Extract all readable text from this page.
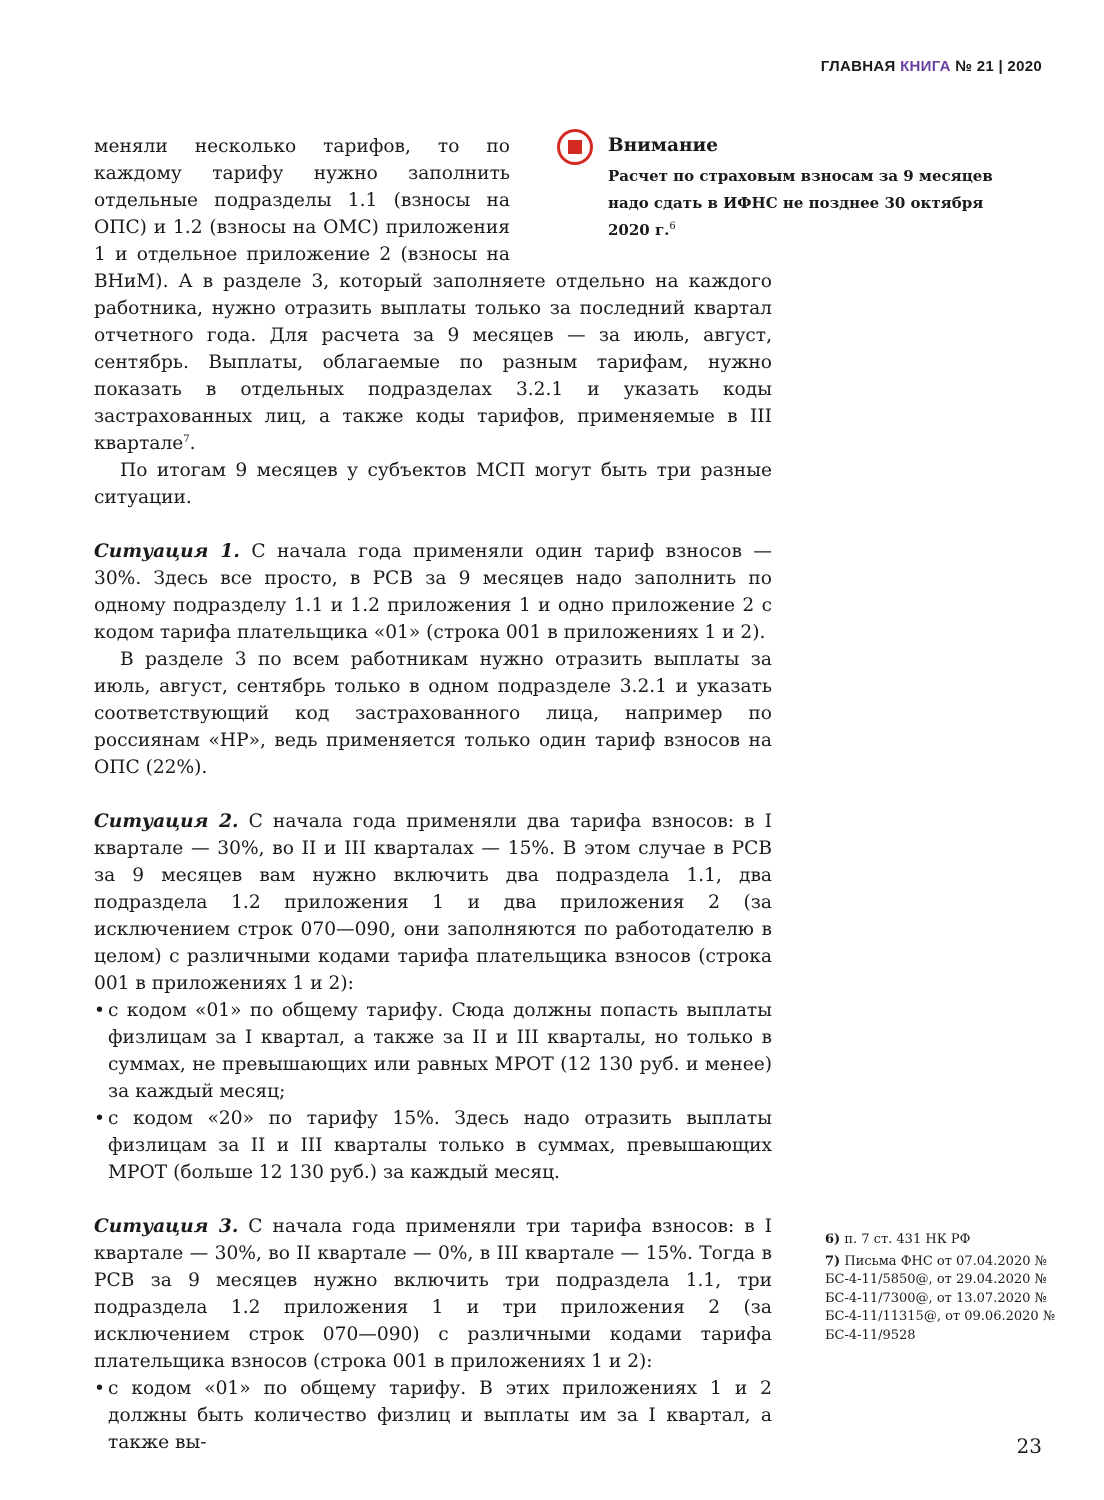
ГЛАВНАЯ КНИГА № 21 | 2020
Внимание
Расчет по страховым взносам за 9 месяцев надо сдать в ИФНС не позднее 30 октября 2020 г.$^6$

меняли несколько тарифов, то по каждому тарифу нужно заполнить отдельные подразделы 1.1 (взносы на ОПС) и 1.2 (взносы на ОМС) приложения 1 и отдельное приложение 2 (взносы на ВНиМ). А в разделе 3, который заполняете отдельно на каждого работника, нужно отразить выплаты только за последний квартал отчетного года. Для расчета за 9 месяцев — за июль, август, сентябрь. Выплаты, облагаемые по разным тарифам, нужно показать в отдельных подразделах 3.2.1 и указать коды застрахованных лиц, а также коды тарифов, применяемые в III квартале$^7$.

По итогам 9 месяцев у субъектов МСП могут быть три разные ситуации.

Ситуация 1. С начала года применяли один тариф взносов — 30%. Здесь все просто, в РСВ за 9 месяцев надо заполнить по одному подразделу 1.1 и 1.2 приложения 1 и одно приложение 2 с кодом тарифа плательщика «01» (строка 001 в приложениях 1 и 2).

В разделе 3 по всем работникам нужно отразить выплаты за июль, август, сентябрь только в одном подразделе 3.2.1 и указать соответствующий код застрахованного лица, например по россиянам «НР», ведь применяется только один тариф взносов на ОПС (22%).

Ситуация 2. С начала года применяли два тарифа взносов: в I квартале — 30%, во II и III кварталах — 15%. В этом случае в РСВ за 9 месяцев вам нужно включить два подраздела 1.1, два подраздела 1.2 приложения 1 и два приложения 2 (за исключением строк 070—090, они заполняются по работодателю в целом) с различными кодами тарифа плательщика взносов (строка 001 в приложениях 1 и 2):

• с кодом «01» по общему тарифу. Сюда должны попасть выплаты физлицам за I квартал, а также за II и III кварталы, но только в суммах, не превышающих или равных МРОТ (12 130 руб. и менее) за каждый месяц;
• с кодом «20» по тарифу 15%. Здесь надо отразить выплаты физлицам за II и III кварталы только в суммах, превышающих МРОТ (больше 12 130 руб.) за каждый месяц.

Ситуация 3. С начала года применяли три тарифа взносов: в I квартале — 30%, во II квартале — 0%, в III квартале — 15%. Тогда в РСВ за 9 месяцев нужно включить три подраздела 1.1, три подраздела 1.2 приложения 1 и три приложения 2 (за исключением строк 070—090) с различными кодами тарифа плательщика взносов (строка 001 в приложениях 1 и 2):

• с кодом «01» по общему тарифу. В этих приложениях 1 и 2 должны быть количество физлиц и выплаты им за I квартал, а также вы-

6) п. 7 ст. 431 НК РФ

7) Письма ФНС от 07.04.2020 № БС-4-11/5850@, от 29.04.2020 № БС-4-11/7300@, от 13.07.2020 № БС-4-11/11315@, от 09.06.2020 № БС-4-11/9528

23
